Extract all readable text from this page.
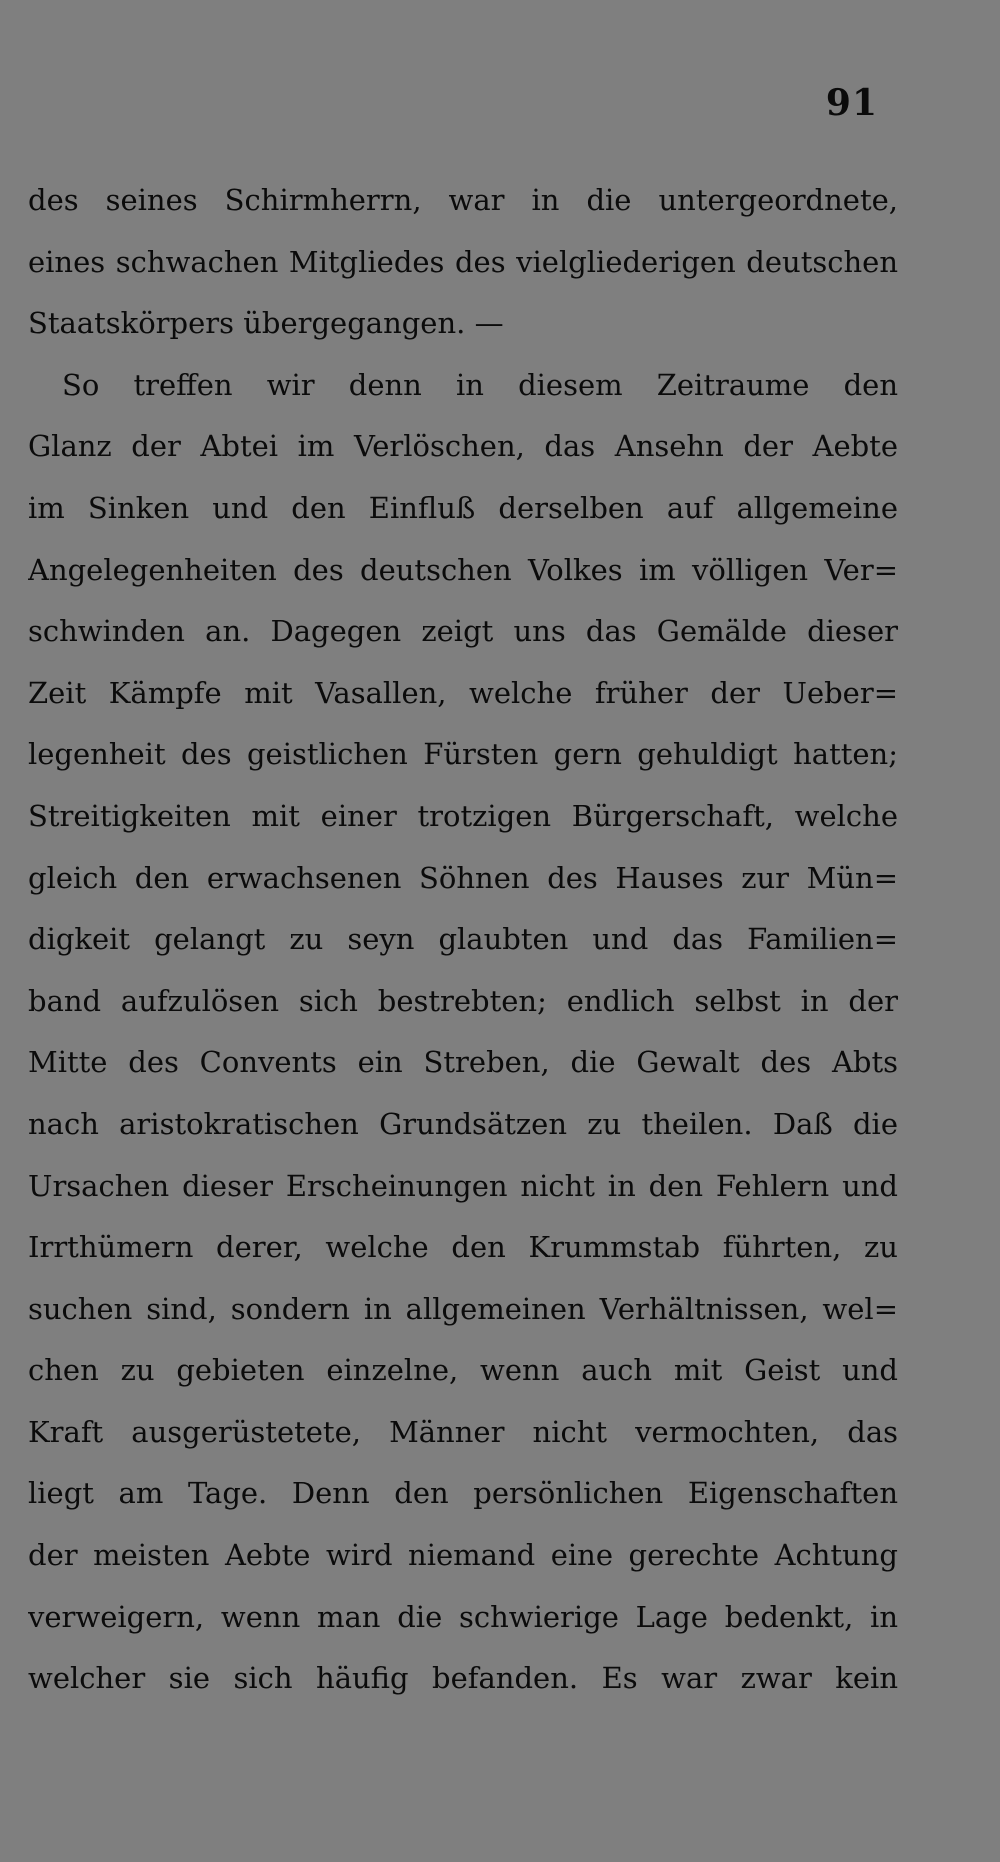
91
des seines Schirmherrn, war in die untergeordnete,
eines schwachen Mitgliedes des vielgliederigen deutschen
Staatskörpers übergegangen. —
So treffen wir denn in diesem Zeitraume den
Glanz der Abtei im Verlöschen, das Ansehn der Aebte
im Sinken und den Einfluß derselben auf allgemeine
Angelegenheiten des deutschen Volkes im völligen Ver=
schwinden an. Dagegen zeigt uns das Gemälde dieser
Zeit Kämpfe mit Vasallen, welche früher der Ueber=
legenheit des geistlichen Fürsten gern gehuldigt hatten;
Streitigkeiten mit einer trotzigen Bürgerschaft, welche
gleich den erwachsenen Söhnen des Hauses zur Mün=
digkeit gelangt zu seyn glaubten und das Familien=
band aufzulösen sich bestrebten; endlich selbst in der
Mitte des Convents ein Streben, die Gewalt des Abts
nach aristokratischen Grundsätzen zu theilen. Daß die
Ursachen dieser Erscheinungen nicht in den Fehlern und
Irrthümern derer, welche den Krummstab führten, zu
suchen sind, sondern in allgemeinen Verhältnissen, wel=
chen zu gebieten einzelne, wenn auch mit Geist und
Kraft ausgerüstetete, Männer nicht vermochten, das
liegt am Tage. Denn den persönlichen Eigenschaften
der meisten Aebte wird niemand eine gerechte Achtung
verweigern, wenn man die schwierige Lage bedenkt, in
welcher sie sich häufig befanden. Es war zwar kein
